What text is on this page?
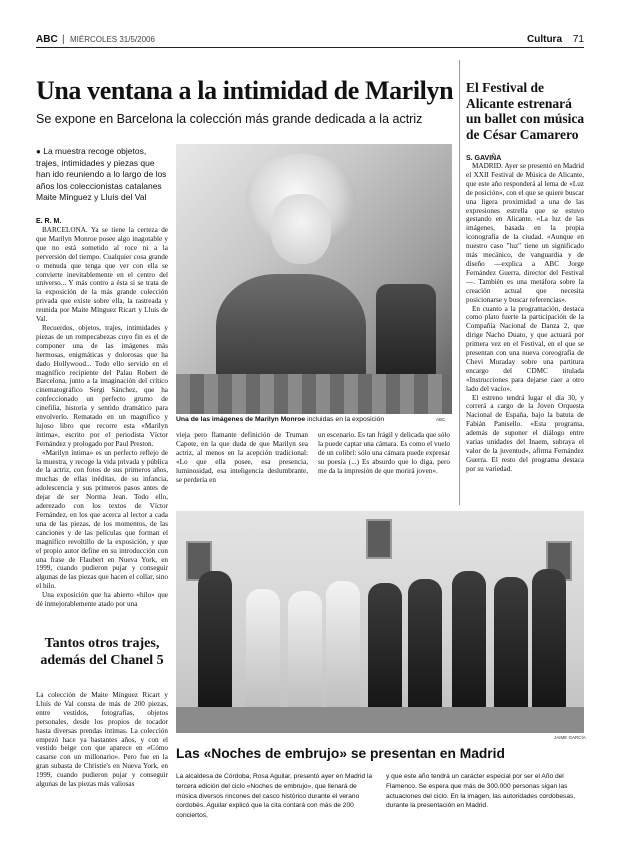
ABC | MIÉRCOLES 31/5/2006	Cultura 71
Una ventana a la intimidad de Marilyn
Se expone en Barcelona la colección más grande dedicada a la actriz
● La muestra recoge objetos, trajes, intimidades y piezas que han ido reuniendo a lo largo de los años los coleccionistas catalanes Maite Mínguez y Lluís del Val
E. R. M.

BARCELONA. Ya se tiene la certeza de que Marilyn Monroe posee algo inagotable y que no está sometido al roce ni a la perversión del tiempo. Cualquier cosa grande o menuda que tenga que ver con ella se convierte inevitablemente en el centro del universo... Y más contro a ésta si se trata de la exposición de la más grande colección privada que existe sobre ella, la rastreada y reunida por Maite Mínguez Ricart y Lluís de Val.

Recuerdos, objetos, trajes, intimidades y piezas de un rompecabezas cuyo fin es el de componer una de las imágenes más hermosas, enigmáticas y dolorosas que ha dado Hollywood... Todo ello servido en el magnífico recipiente del Palau Robert de Barcelona, junto a la imaginación del crítico cinematográfico Sergi Sánchez, que ha confeccionado un perfecto grumo de cinefilia, historia y sentido dramático para envolverlo. Rematado en un magnífico y lujoso libro que recorre esta «Marilyn íntima», escrito por el periodista Víctor Fernández y prologado por Paul Preston.

«Marilyn íntima» es un perfecto reflejo de la muestra, y recoge la vida privada y pública de la actriz, con fotos de sus primeros años, muchas de ellas inéditas, de su infancia, adolescencia y sus primeros pasos antes de dejar de ser Norma Jean. Todo ello, aderezado con los textos de Víctor Fernández, en los que acerca al lector a cada una de las piezas, de los momentos, de las canciones y de las películas que forman el magnífico revoltillo de la exposición, y que el propio autor define en su introducción con una frase de Flaubert en Nueva York, en 1999, cuando pudieron pujar y conseguir algunas de las piezas que hacen el collar, sino el hilo.

Una exposición que ha abierto «hilo» que dé inmejorablemente atado por una

Una de las imágenes de Marilyn Monroe incluidas en la exposición	ABC
vieja pero flamante definición de Truman Capote, en la que duda de que Marilyn sea actriz, al menos en la acepción tradicional: «Lo que ella posee, esa presencia, luminosidad, esa inteligencia deslumbrante, se perdería en
un escenario. Es tan frágil y delicada que sólo la puede captar una cámara. Es como el vuelo de un colibrí: sólo una cámara puede expresar su poesía (...) Es absurdo que lo diga, pero me da la impresión de que morirá joven».
El Festival de Alicante estrenará un ballet con música de César Camarero
S. GAVIÑA

MADRID. Ayer se presentó en Madrid el XXII Festival de Música de Alicante, que este año responderá al lema de «Luz de posición», con el que se quiere buscar una ligera proximidad a una de las expresiones estrella que se estuvo gestando en Alicante. «La luz de las imágenes, basada en la propia iconografía de la ciudad. «Aunque en nuestro caso "luz" tiene un significado más mecánico, de vanguardia y de diseño —explica a ABC Jorge Fernández Guerra, director del Festival—. También es una metáfora sobre la creación actual que necesita posicionarse y buscar referencias».

En cuanto a la programación, destaca como plato fuerte la participación de la Compañía Nacional de Danza 2, que dirige Nacho Duato, y que actuará por primera vez en el Festival, en el que se presentan con una nueva coreografía de Chevi Muraday sobre una partitura encargo del CDMC titulada «Instrucciones para dejarse caer a otro lado del vacío».

El estreno tendrá lugar el día 30, y correrá a cargo de la Joven Orquesta Nacional de España, bajo la batuta de Fabián Panisello. «Esta programa, además de suponer el diálogo entre varias unidades del Inaem, subraya el valor de la juventud», afirma Fernández Guerra. El resto del programa destaca por su variedad.

Tantos otros trajes, además del Chanel 5
La colección de Maite Mínguez Ricart y Lluís de Val consta de más de 200 piezas, entre vestidos, fotografías, objetos personales, desde los propios de tocador hasta diversas prendas íntimas. La colección empezó hace ya bastantes años, y con el vestido beige con que aparece en «Cómo casarse con un millonario». Pero fue en la gran subasta de Christie's en Nueva York, en 1999, cuando pudieron pujar y conseguir algunas de las piezas más valiosas
JAIME GARCÍA
Las «Noches de embrujo» se presentan en Madrid
La alcaldesa de Córdoba, Rosa Aguilar, presentó ayer en Madrid la tercera edición del ciclo «Noches de embrujo», que llenará de música diversos rincones del casco histórico durante el verano cordobés. Aguilar explicó que la cita contará con más de 200 conciertos,
y que este año tendrá un carácter especial por ser el Año del Flamenco. Se espera que más de 300.000 personas sigan las actuaciones del ciclo. En la imagen, las autoridades cordobesas, durante la presentación en Madrid.
